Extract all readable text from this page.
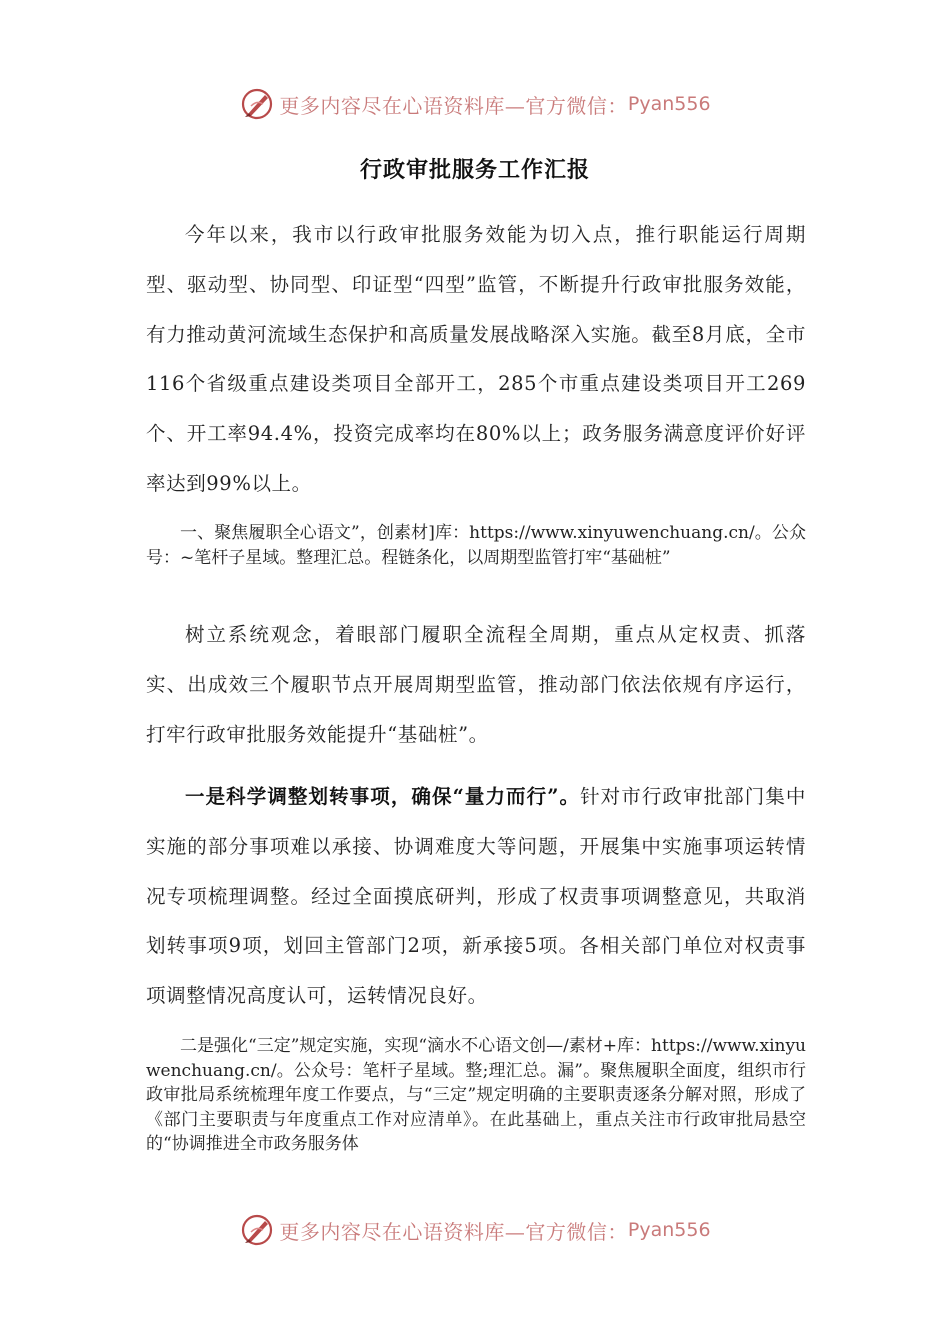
更多内容尽在心语资料库—官方微信： Pyan556
行政审批服务工作汇报

今年以来，我市以行政审批服务效能为切入点，推行职能运行周期型、驱动型、协同型、印证型“四型”监管，不断提升行政审批服务效能，有力推动黄河流域生态保护和高质量发展战略深入实施。截至8月底，全市116个省级重点建设类项目全部开工，285个市重点建设类项目开工269个、开工率94.4%，投资完成率均在80%以上；政务服务满意度评价好评率达到99%以上。

一、聚焦履职全心语文”，创素材]库：https://www.xinyuwenchuang.cn/。公众号：~笔杆子星域。整理汇总。程链条化，以周期型监管打牢“基础桩”

树立系统观念，着眼部门履职全流程全周期，重点从定权责、抓落实、出成效三个履职节点开展周期型监管，推动部门依法依规有序运行，打牢行政审批服务效能提升“基础桩”。

一是科学调整划转事项，确保“量力而行”。针对市行政审批部门集中实施的部分事项难以承接、协调难度大等问题，开展集中实施事项运转情况专项梳理调整。经过全面摸底研判，形成了权责事项调整意见，共取消划转事项9项，划回主管部门2项，新承接5项。各相关部门单位对权责事项调整情况高度认可，运转情况良好。

二是强化“三定”规定实施，实现“滴水不心语文创—/素材+库：https://www.xinyuwenchuang.cn/。公众号：笔杆子星域。整;理汇总。漏”。聚焦履职全面度，组织市行政审批局系统梳理年度工作要点，与“三定”规定明确的主要职责逐条分解对照，形成了《部门主要职责与年度重点工作对应清单》。在此基础上，重点关注市行政审批局悬空的“协调推进全市政务服务体

更多内容尽在心语资料库—官方微信： Pyan556
